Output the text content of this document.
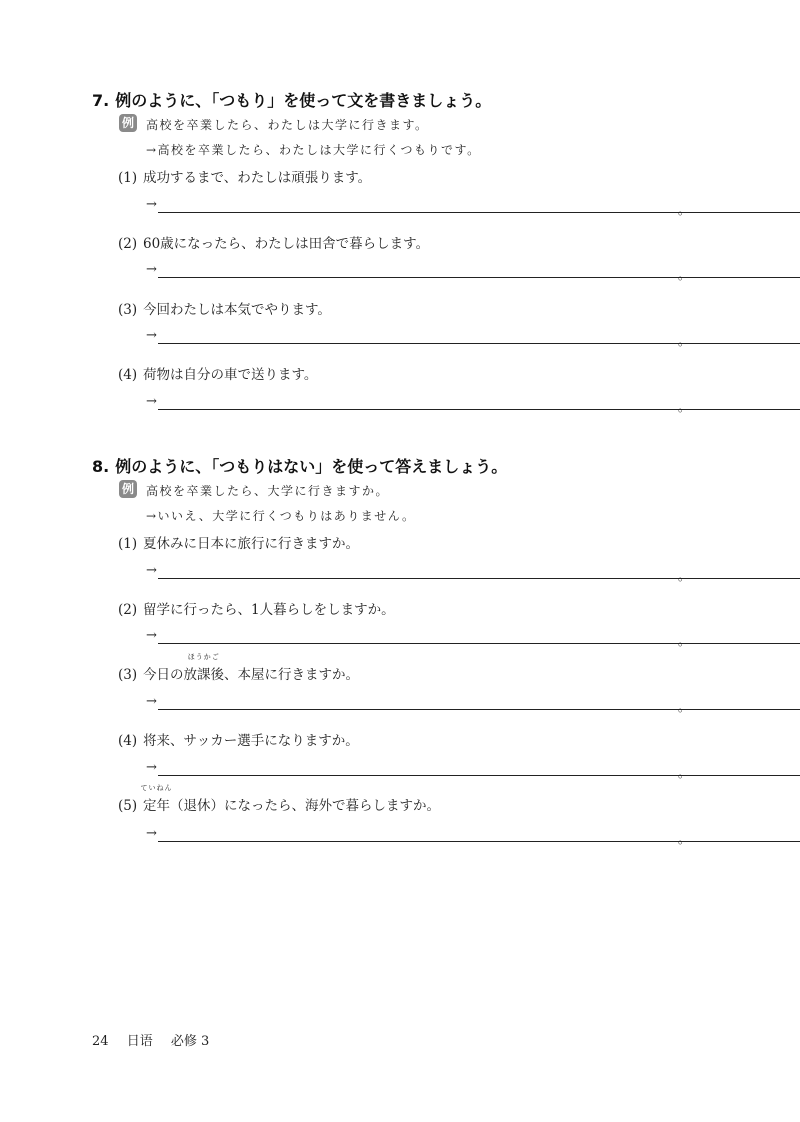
7. 例のように、「つもり」を使って文を書きましょう。
例 高校を卒業したら、わたしは大学に行きます。
→高校を卒業したら、わたしは大学に行くつもりです。
(1) 成功するまで、わたしは頑張ります。
→	。
(2) 60歳になったら、わたしは田舎で暮らします。
→	。
(3) 今回わたしは本気でやります。
→	。
(4) 荷物は自分の車で送ります。
→	。
8. 例のように、「つもりはない」を使って答えましょう。
例 高校を卒業したら、大学に行きますか。
→いいえ、大学に行くつもりはありません。
(1) 夏休みに日本に旅行に行きますか。
→	。
(2) 留学に行ったら、1人暮らしをしますか。
→	。
(3) 今日の
ほうかご
放課後、本屋に行きますか。
→	。
(4) 将来、サッカー選手になりますか。
→	。
(5)
ていねん
定年（退休）になったら、海外で暮らしますか。
→	。
24 日语 必修 3
